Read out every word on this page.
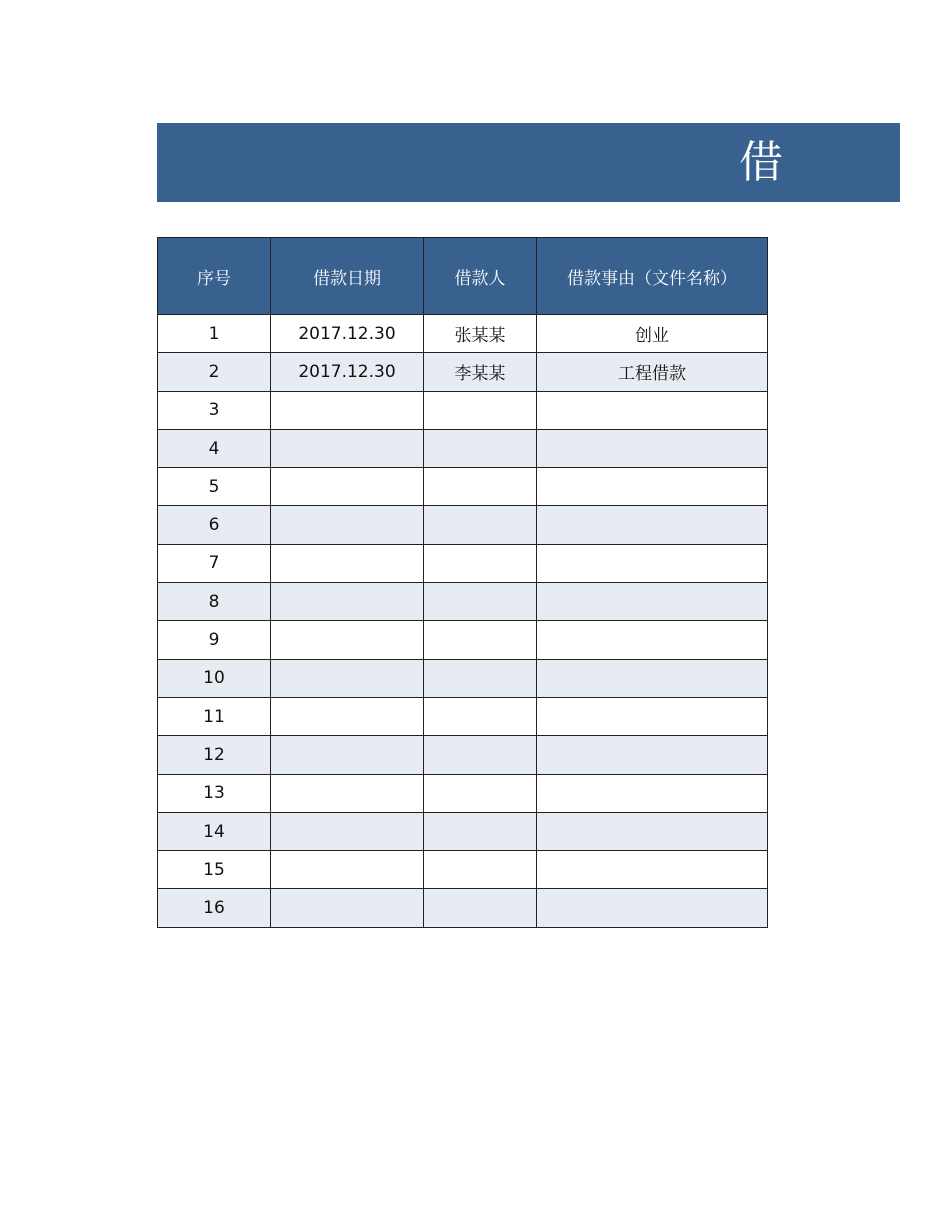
借
序号	借款日期	借款人	借款事由（文件名称）
1	2017.12.30	张某某	创业
2	2017.12.30	李某某	工程借款
3			
4			
5			
6			
7			
8			
9			
10			
11			
12			
13			
14			
15			
16			
